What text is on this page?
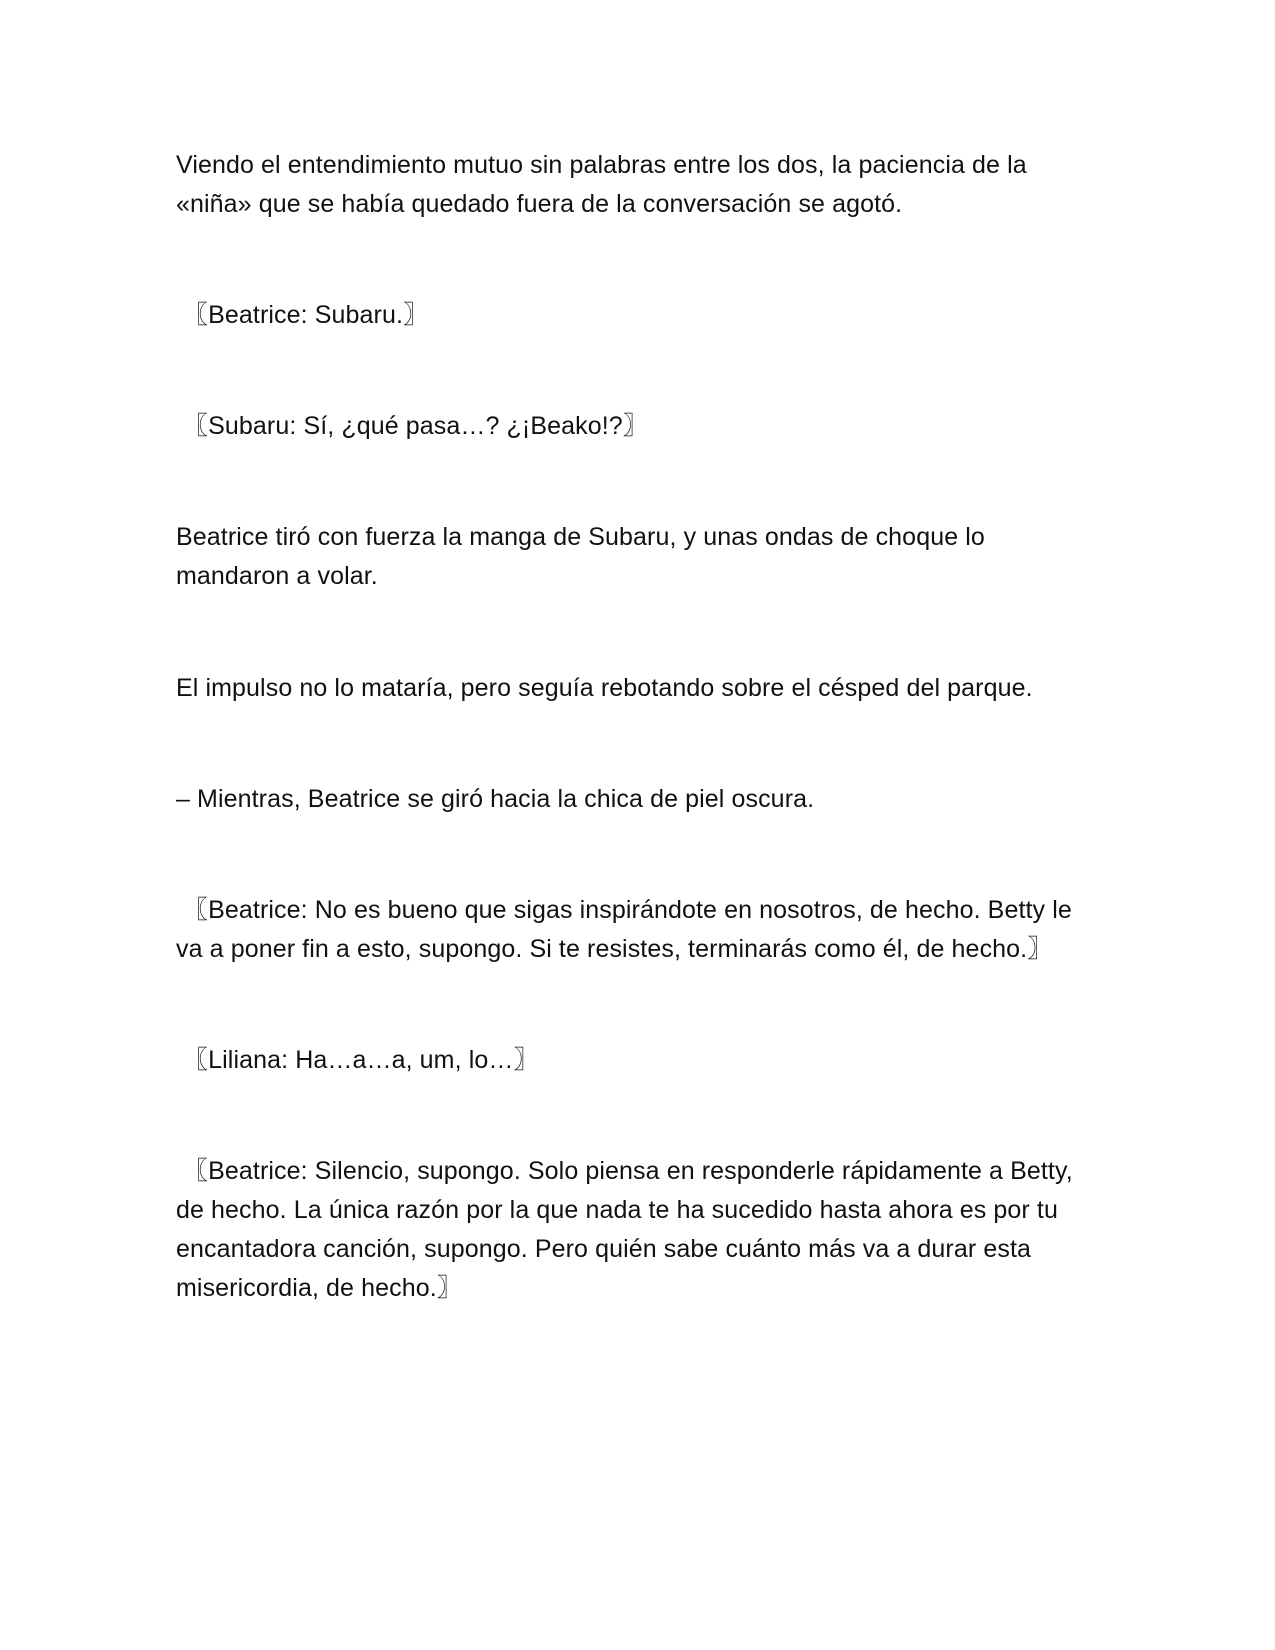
Viendo el entendimiento mutuo sin palabras entre los dos, la paciencia de la «niña» que se había quedado fuera de la conversación se agotó.

〖Beatrice: Subaru.〗

〖Subaru: Sí, ¿qué pasa…? ¿¡Beako!?〗

Beatrice tiró con fuerza la manga de Subaru, y unas ondas de choque lo mandaron a volar.

El impulso no lo mataría, pero seguía rebotando sobre el césped del parque.

– Mientras, Beatrice se giró hacia la chica de piel oscura.

〖Beatrice: No es bueno que sigas inspirándote en nosotros, de hecho. Betty le va a poner fin a esto, supongo. Si te resistes, terminarás como él, de hecho.〗

〖Liliana: Ha…a…a, um, lo…〗

〖Beatrice: Silencio, supongo. Solo piensa en responderle rápidamente a Betty, de hecho. La única razón por la que nada te ha sucedido hasta ahora es por tu encantadora canción, supongo. Pero quién sabe cuánto más va a durar esta misericordia, de hecho.〗
